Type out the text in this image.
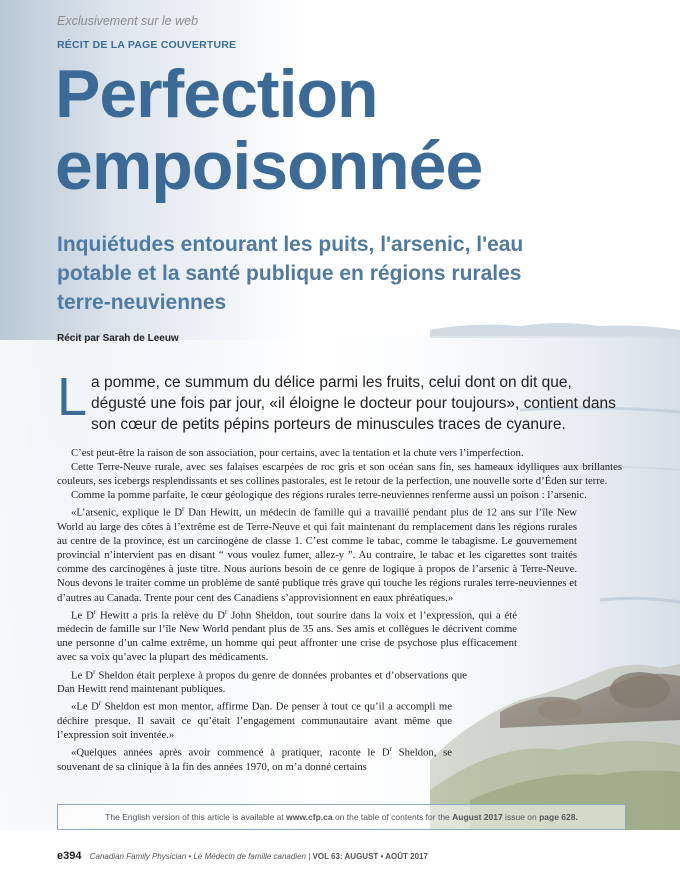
Exclusivement sur le web
RÉCIT DE LA PAGE COUVERTURE
Perfection
empoisonnée
Inquiétudes entourant les puits, l'arsenic, l'eau potable et la santé publique en régions rurales terre-neuviennes
Récit par Sarah de Leeuw
La pomme, ce summum du délice parmi les fruits, celui dont on dit que, dégusté une fois par jour, «il éloigne le docteur pour toujours», contient dans son cœur de petits pépins porteurs de minuscules traces de cyanure.

C’est peut-être la raison de son association, pour certains, avec la tentation et la chute vers l’imperfection.

Cette Terre-Neuve rurale, avec ses falaises escarpées de roc gris et son océan sans fin, ses hameaux idylliques aux brillantes couleurs, ses icebergs resplendissants et ses collines pastorales, est le retour de la perfection, une nouvelle sorte d’Éden sur terre.

Comme la pomme parfaite, le cœur géologique des régions rurales terre-neuviennes renferme aussi un poison : l’arsenic.

«L’arsenic, explique le $D^r$ Dan Hewitt, un médecin de famille qui a travaillé pendant plus de 12 ans sur l’île New World au large des côtes à l’extrême est de Terre-Neuve et qui fait maintenant du remplacement dans les régions rurales au centre de la province, est un carcinogène de classe 1. C’est comme le tabac, comme le tabagisme. Le gouvernement provincial n’intervient pas en disant “ vous voulez fumer, allez-y ”. Au contraire, le tabac et les cigarettes sont traités comme des carcinogènes à juste titre. Nous aurions besoin de ce genre de logique à propos de l’arsenic à Terre-Neuve. Nous devons le traiter comme un problème de santé publique très grave qui touche les régions rurales terre-neuviennes et d’autres au Canada. Trente pour cent des Canadiens s’approvisionnent en eaux phréatiques.»

Le $D^r$ Hewitt a pris la relève du $D^r$ John Sheldon, tout sourire dans la voix et l’expression, qui a été médecin de famille sur l’île New World pendant plus de 35 ans. Ses amis et collègues le décrivent comme une personne d’un calme extrême, un homme qui peut affronter une crise de psychose plus efficacement avec sa voix qu’avec la plupart des médicaments.

Le $D^r$ Sheldon était perplexe à propos du genre de données probantes et d’observations que Dan Hewitt rend maintenant publiques.

«Le $D^r$ Sheldon est mon mentor, affirme Dan. De penser à tout ce qu’il a accompli me déchire presque. Il savait ce qu’était l’engagement communautaire avant même que l’expression soit inventée.»

«Quelques années après avoir commencé à pratiquer, raconte le $D^r$ Sheldon, se souvenant de sa clinique à la fin des années 1970, on m’a donné certains

The English version of this article is available at www.cfp.ca on the table of contents for the August 2017 issue on page 628.
e394 Canadian Family Physician • Le Médecin de famille canadien | VOL 63: AUGUST • AOÛT 2017
